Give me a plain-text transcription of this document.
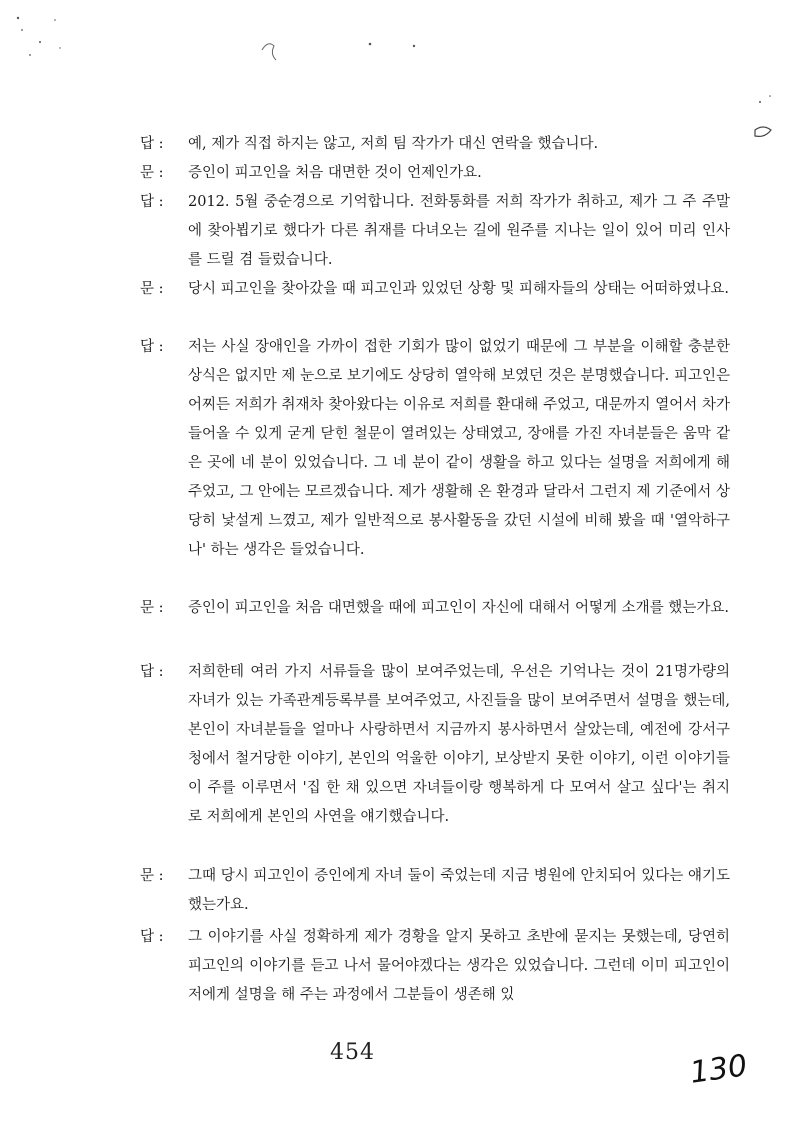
답 :	예, 제가 직접 하지는 않고, 저희 팀 작가가 대신 연락을 했습니다.
문 :	증인이 피고인을 처음 대면한 것이 언제인가요.
답 :	2012. 5월 중순경으로 기억합니다. 전화통화를 저희 작가가 취하고, 제가 그 주 주말에 찾아뵙기로 했다가 다른 취재를 다녀오는 길에 원주를 지나는 일이 있어 미리 인사를 드릴 겸 들렀습니다.
문 :	당시 피고인을 찾아갔을 때 피고인과 있었던 상황 및 피해자들의 상태는 어떠하였나요.
답 :	저는 사실 장애인을 가까이 접한 기회가 많이 없었기 때문에 그 부분을 이해할 충분한 상식은 없지만 제 눈으로 보기에도 상당히 열악해 보였던 것은 분명했습니다. 피고인은 어찌든 저희가 취재차 찾아왔다는 이유로 저희를 환대해 주었고, 대문까지 열어서 차가 들어올 수 있게 굳게 닫힌 철문이 열려있는 상태였고, 장애를 가진 자녀분들은 움막 같은 곳에 네 분이 있었습니다. 그 네 분이 같이 생활을 하고 있다는 설명을 저희에게 해 주었고, 그 안에는 모르겠습니다. 제가 생활해 온 환경과 달라서 그런지 제 기준에서 상당히 낯설게 느꼈고, 제가 일반적으로 봉사활동을 갔던 시설에 비해 봤을 때 '열악하구나' 하는 생각은 들었습니다.
문 :	증인이 피고인을 처음 대면했을 때에 피고인이 자신에 대해서 어떻게 소개를 했는가요.
답 :	저희한테 여러 가지 서류들을 많이 보여주었는데, 우선은 기억나는 것이 21명가량의 자녀가 있는 가족관계등록부를 보여주었고, 사진들을 많이 보여주면서 설명을 했는데, 본인이 자녀분들을 얼마나 사랑하면서 지금까지 봉사하면서 살았는데, 예전에 강서구청에서 철거당한 이야기, 본인의 억울한 이야기, 보상받지 못한 이야기, 이런 이야기들이 주를 이루면서 '집 한 채 있으면 자녀들이랑 행복하게 다 모여서 살고 싶다'는 취지로 저희에게 본인의 사연을 얘기했습니다.
문 :	그때 당시 피고인이 증인에게 자녀 둘이 죽었는데 지금 병원에 안치되어 있다는 얘기도 했는가요.
답 :	그 이야기를 사실 정확하게 제가 경황을 알지 못하고 초반에 묻지는 못했는데, 당연히 피고인의 이야기를 듣고 나서 물어야겠다는 생각은 있었습니다. 그런데 이미 피고인이 저에게 설명을 해 주는 과정에서 그분들이 생존해 있
454	130
